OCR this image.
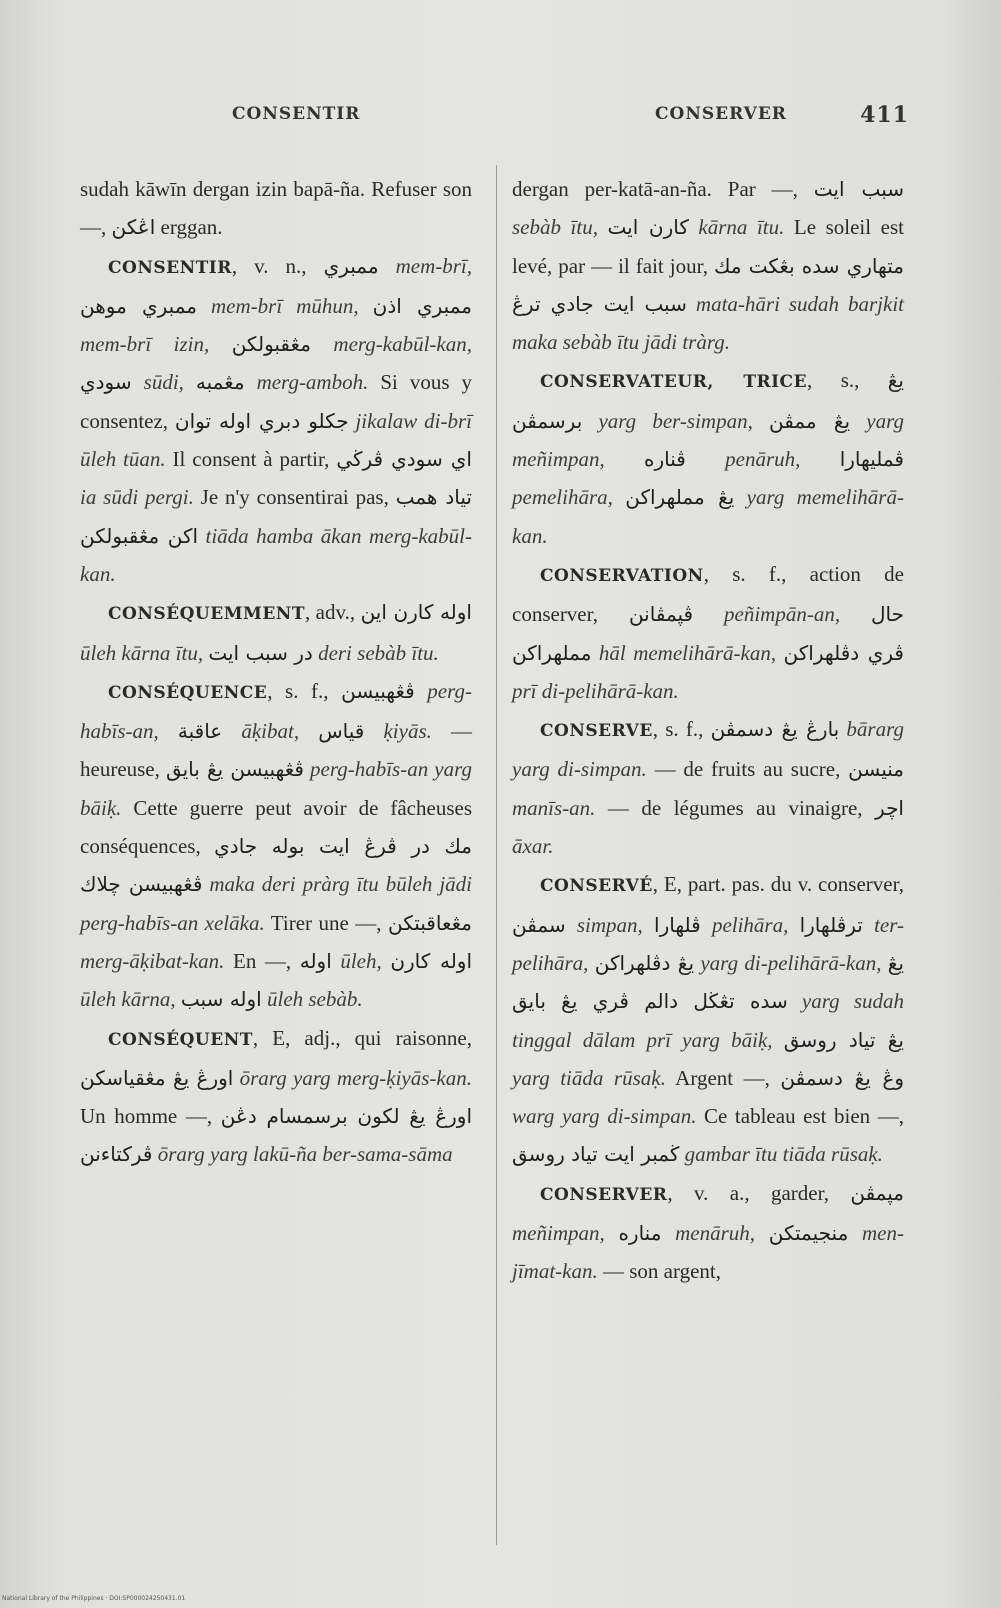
CONSENTIR	CONSERVER	411

sudah kāwīn dergan izin bapā-ña. Refuser son —, اڠكن erggan.

CONSENTIR, v. n., ممبري mem-brī, ممبري موهن mem-brī mūhun, ممبري اذن mem-brī izin, مڠقبولكن merg-kabūl-kan, سودي sūdi, مڠمبه merg-amboh. Si vous y consentez, جكلو دبري اوله توان jikalaw di-brī ūleh tūan. Il consent à partir, اي سودي ڤرڬي ia sūdi pergi. Je n'y consentirai pas, تياد همب اكن مڠقبولكن tiāda hamba ākan merg-kabūl-kan.

CONSÉQUEMMENT, adv., اوله كارن اين ūleh kārna ītu, در سبب ايت deri sebàb ītu.

CONSÉQUENCE, s. f., ڤڠهبيسن perg-habīs-an, عاقبة āḳibat, قياس ḳiyās. — heureuse, ڤڠهبيسن يڠ بايق perg-habīs-an yarg bāiḳ. Cette guerre peut avoir de fâcheuses conséquences, مك در ڤرڠ ايت بوله جادي ڤڠهبيسن چلاك maka deri pràrg ītu būleh jādi perg-habīs-an xelāka. Tirer une —, مڠعاقبتكن merg-āḳibat-kan. En —, اوله ūleh, اوله كارن ūleh kārna, اوله سبب ūleh sebàb.

CONSÉQUENT, E, adj., qui raisonne, اورڠ يڠ مڠقياسكن ōrarg yarg merg-ḳiyās-kan. Un homme —, اورڠ يڠ لكون برسمسام دڠن ڤركتاءنن ōrarg yarg lakū-ña ber-sama-sāma

dergan per-katā-an-ña. Par —, سبب ايت sebàb ītu, كارن ايت kārna ītu. Le soleil est levé, par — il fait jour, متهاري سده بڠكت مك سبب ايت جادي ترڠ mata-hāri sudah barjkit maka sebàb ītu jādi tràrg.

CONSERVATEUR, TRICE, s., يڠ برسمڤن yarg ber-simpan, يڠ ممڤن yarg meñimpan, ڤناره penāruh, ڤمليهارا pemelihāra, يڠ مملهراكن yarg memelihārā-kan.

CONSERVATION, s. f., action de conserver, ڤڽمڤانن peñimpān-an, حال مملهراكن hāl memelihārā-kan, ڤري دڤلهراكن prī di-pelihārā-kan.

CONSERVE, s. f., بارڠ يڠ دسمڤن bārarg yarg di-simpan. — de fruits au sucre, منيسن manīs-an. — de légumes au vinaigre, اچر āxar.

CONSERVÉ, E, part. pas. du v. conserver, سمڤن simpan, ڤلهارا pelihāra, ترڤلهارا ter-pelihāra, يڠ دڤلهراكن yarg di-pelihārā-kan, يڠ سده تڠڬل دالم ڤري يڠ بايق yarg sudah tinggal dālam prī yarg bāiḳ, يڠ تياد روسق yarg tiāda rūsaḳ. Argent —, وڠ يڠ دسمڤن warg yarg di-simpan. Ce tableau est bien —, ڬمبر ايت تياد روسق gambar ītu tiāda rūsaḳ.

CONSERVER, v. a., garder, مڽمڤن meñimpan, مناره menāruh, منجيمتكن men-jīmat-kan. — son argent,

National Library of the Philippines · DOI:SP000024250431.01
